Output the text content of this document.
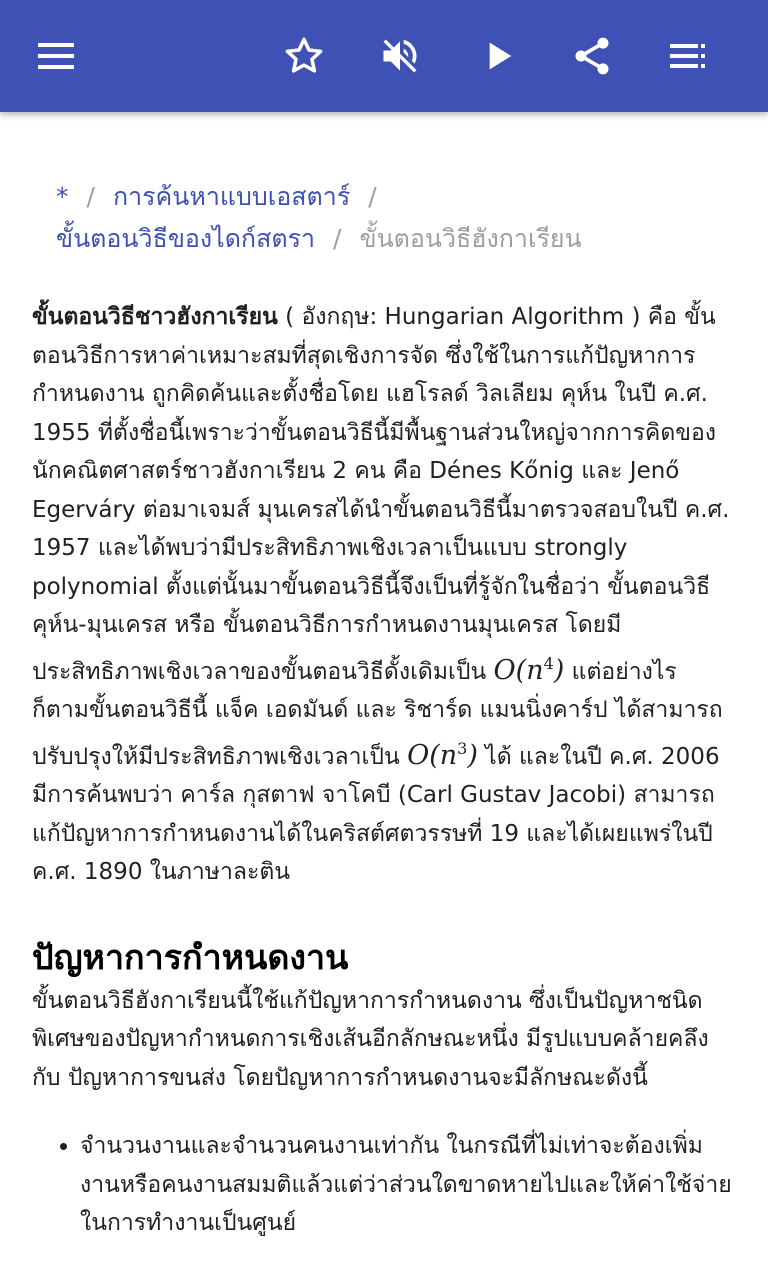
* / การค้นหาแบบเอสตาร์ /
ขั้นตอนวิธีของไดก์สตรา / ขั้นตอนวิธีฮังกาเรียน

ขั้นตอนวิธีชาวฮังกาเรียน ( อังกฤษ: Hungarian Algorithm ) คือ ขั้นตอนวิธีการหาค่าเหมาะสมที่สุดเชิงการจัด ซึ่งใช้ในการแก้ปัญหาการกำหนดงาน ถูกคิดค้นและตั้งชื่อโดย แฮโรลด์ วิลเลียม คุห์น ในปี ค.ศ. 1955 ที่ตั้งชื่อนี้เพราะว่าขั้นตอนวิธีนี้มีพื้นฐานส่วนใหญ่จากการคิดของนักคณิตศาสตร์ชาวฮังกาเรียน 2 คน คือ Dénes Kőnig และ Jenő Egerváry ต่อมาเจมส์ มุนเครสได้นำขั้นตอนวิธีนี้มาตรวจสอบในปี ค.ศ. 1957 และได้พบว่ามีประสิทธิภาพเชิงเวลาเป็นแบบ strongly polynomial ตั้งแต่นั้นมาขั้นตอนวิธีนี้จึงเป็นที่รู้จักในชื่อว่า ขั้นตอนวิธีคุห์น-มุนเครส หรือ ขั้นตอนวิธีการกำหนดงานมุนเครส โดยมีประสิทธิภาพเชิงเวลาของขั้นตอนวิธีดั้งเดิมเป็น $O(n^4)$ แต่อย่างไรก็ตามขั้นตอนวิธีนี้ แจ็ค เอดมันด์ และ ริชาร์ด แมนนิ่งคาร์ป ได้สามารถปรับปรุงให้มีประสิทธิภาพเชิงเวลาเป็น $O(n^3)$ ได้ และในปี ค.ศ. 2006 มีการค้นพบว่า คาร์ล กุสตาฟ จาโคบี (Carl Gustav Jacobi) สามารถแก้ปัญหาการกำหนดงานได้ในคริสต์ศตวรรษที่ 19 และได้เผยแพร่ในปี ค.ศ. 1890 ในภาษาละติน

ปัญหาการกำหนดงาน

ขั้นตอนวิธีฮังกาเรียนนี้ใช้แก้ปัญหาการกำหนดงาน ซึ่งเป็นปัญหาชนิดพิเศษของปัญหากำหนดการเชิงเส้นอีกลักษณะหนึ่ง มีรูปแบบคล้ายคลึงกับ ปัญหาการขนส่ง โดยปัญหาการกำหนดงานจะมีลักษณะดังนี้

• จำนวนงานและจำนวนคนงานเท่ากัน ในกรณีที่ไม่เท่าจะต้องเพิ่มงานหรือคนงานสมมติแล้วแต่ว่าส่วนใดขาดหายไปและให้ค่าใช้จ่ายในการทำงานเป็นศูนย์
